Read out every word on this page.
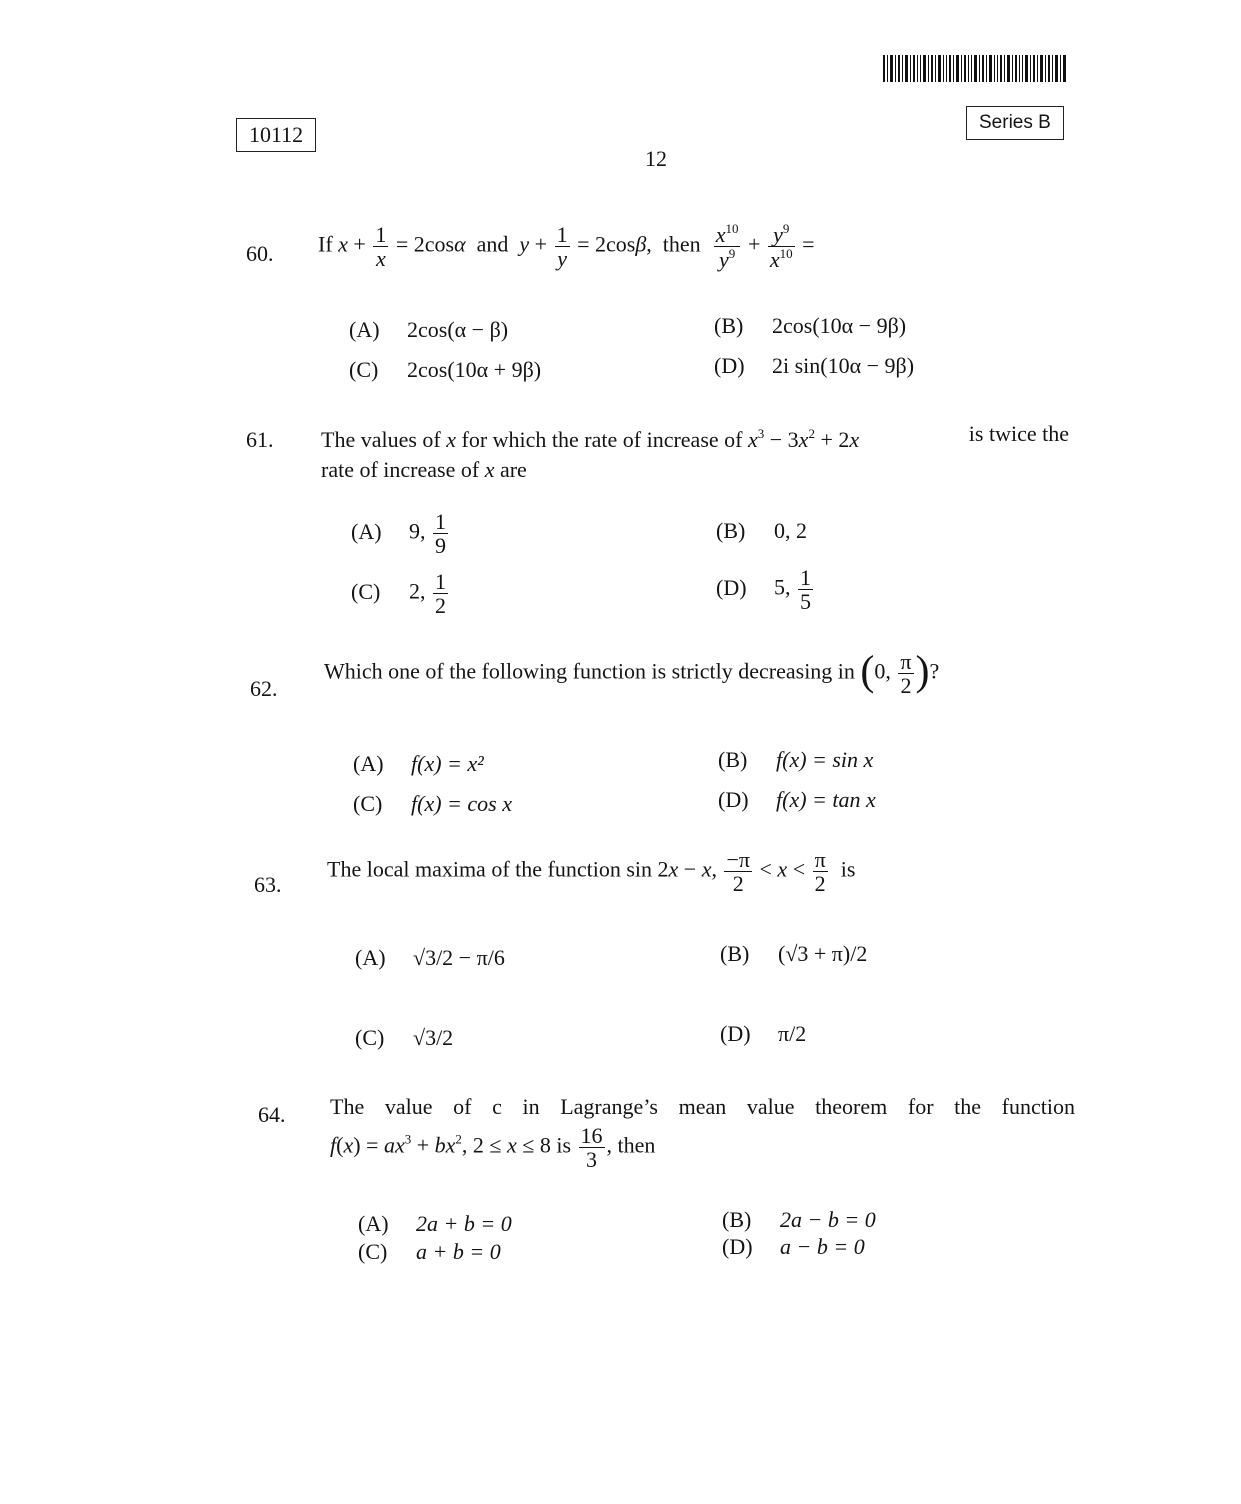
10112	Series B
12
60. If $x + \frac{1}{x} = 2\cos\alpha$ and $y + \frac{1}{y} = 2\cos\beta$,  then $\frac{x^{10}}{y^9} + \frac{y^9}{x^{10}}$ =
(A) 2cos(α − β)	(B) 2cos(10α − 9β)
(C) 2cos(10α + 9β)	(D) 2i sin(10α − 9β)
61. The values of x for which the rate of increase of $x^3 - 3x^2 + 2x$	is twice the
rate of increase of x are
(A) 9, $\frac{1}{9}$	(B) 0, 2
(C) 2, $\frac{1}{2}$	(D) 5, $\frac{1}{5}$
62.
Which one of the following function is strictly decreasing in (0, $\frac{\pi}{2}$ )?
(A) f(x) = x²	(B) f(x) = sin x
(C) f(x) = cos x	(D) f(x) = tan x
63.
The local maxima of the function sin 2x − x, $\frac{-\pi}{2} < x < \frac{\pi}{2}$ is
(A) √3/2 − π/6	(B) (√3 + π)/2
(C) √3/2	(D) π/2
64. The value of c in Lagrange’s mean value theorem for the function
$f(x) = ax^3 + bx^2$, 2 ≤ x ≤ 8 is $\frac{16}{3}$ , then
(A) 2a + b = 0	(B) 2a − b = 0
(C) a + b = 0	(D) a − b = 0
